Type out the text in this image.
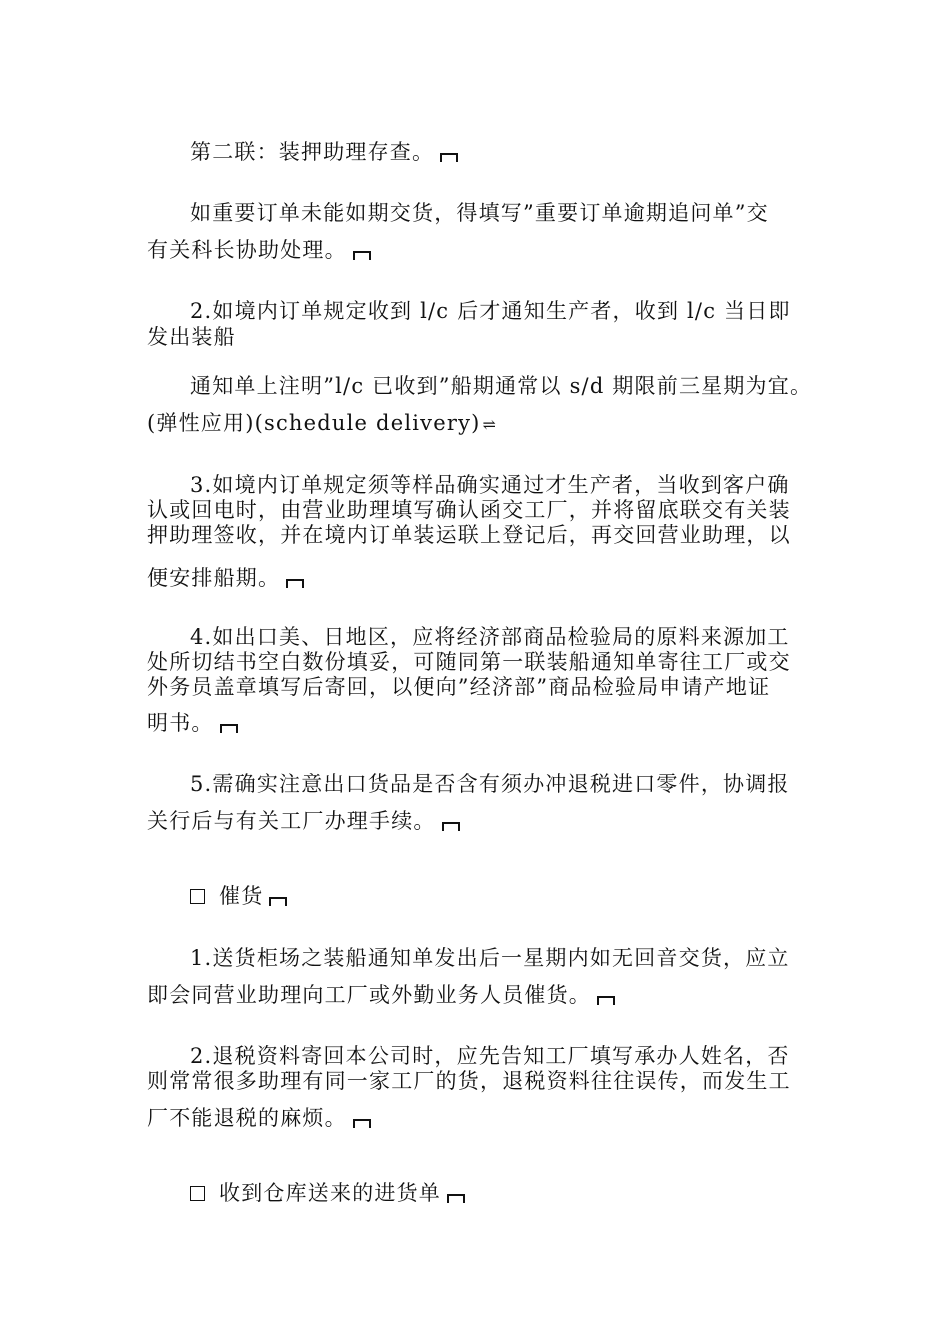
第二联：装押助理存查。
如重要订单未能如期交货，得填写”重要订单逾期追问单”交
有关科长协助处理。
2.如境内订单规定收到 l/c 后才通知生产者，收到 l/c 当日即
发出装船
通知单上注明”l/c 已收到”船期通常以 s/d 期限前三星期为宜。
(弹性应用)(schedule delivery) ⇌
3.如境内订单规定须等样品确实通过才生产者，当收到客户确
认或回电时，由营业助理填写确认函交工厂，并将留底联交有关装
押助理签收，并在境内订单装运联上登记后，再交回营业助理，以
便安排船期。
4.如出口美、日地区，应将经济部商品检验局的原料来源加工
处所切结书空白数份填妥，可随同第一联装船通知单寄往工厂或交
外务员盖章填写后寄回，以便向”经济部”商品检验局申请产地证
明书。
5.需确实注意出口货品是否含有须办冲退税进口零件，协调报
关行后与有关工厂办理手续。
催货
1.送货柜场之装船通知单发出后一星期内如无回音交货，应立
即会同营业助理向工厂或外勤业务人员催货。
2.退税资料寄回本公司时，应先告知工厂填写承办人姓名，否
则常常很多助理有同一家工厂的货，退税资料往往误传，而发生工
厂不能退税的麻烦。
收到仓库送来的进货单
